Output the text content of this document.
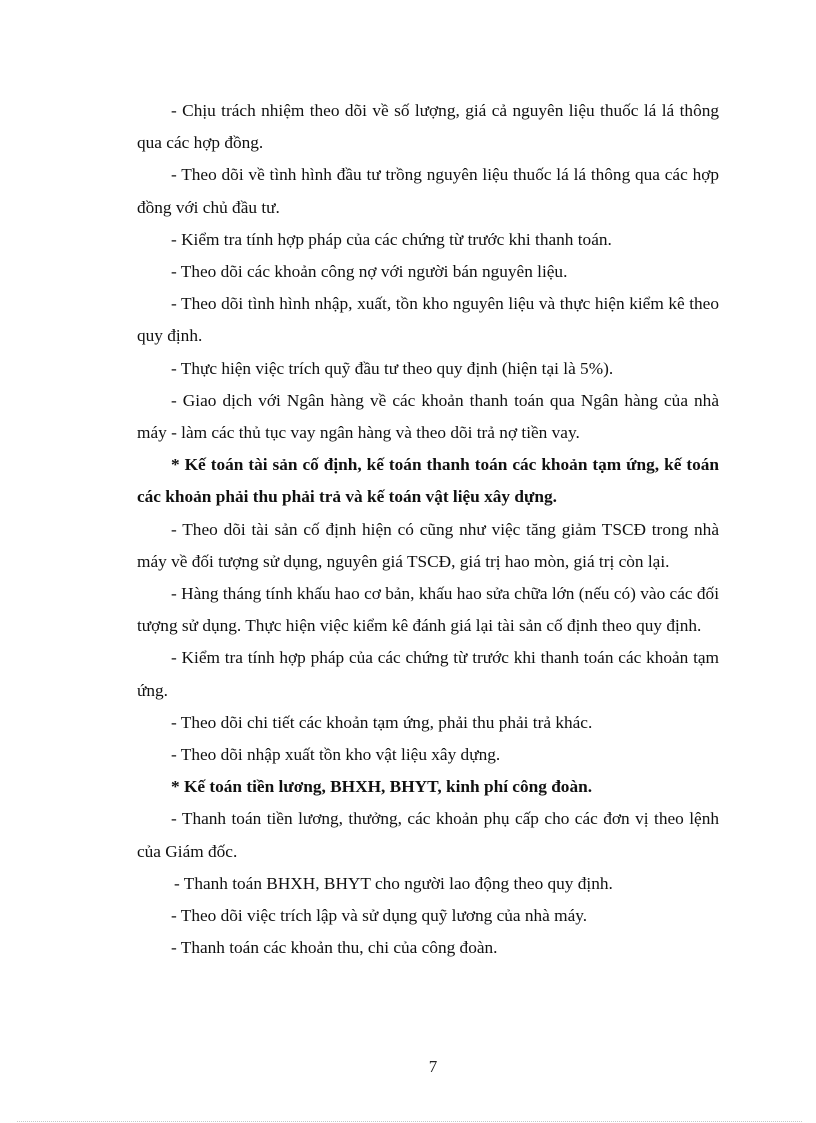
- Chịu trách nhiệm theo dõi về số lượng, giá cả nguyên liệu thuốc lá lá thông qua các hợp đồng.

- Theo dõi về tình hình đầu tư trồng nguyên liệu thuốc lá lá thông qua các hợp đồng với chủ đầu tư.

- Kiểm tra tính hợp pháp của các chứng từ trước khi thanh toán.

- Theo dõi các khoản công nợ với người bán nguyên liệu.

- Theo dõi tình hình nhập, xuất, tồn kho nguyên liệu và thực hiện kiểm kê theo quy định.

- Thực hiện việc trích quỹ đầu tư theo quy định (hiện tại là 5%).

- Giao dịch với Ngân hàng về các khoản thanh toán qua Ngân hàng của nhà máy - làm các thủ tục vay ngân hàng và theo dõi trả nợ tiền vay.

* Kế toán tài sản cố định, kế toán thanh toán các khoản tạm ứng, kế toán các khoản phải thu phải trả và kế toán vật liệu xây dựng.

- Theo dõi tài sản cố định hiện có cũng như việc tăng giảm TSCĐ trong nhà máy về đối tượng sử dụng, nguyên giá TSCĐ, giá trị hao mòn, giá trị còn lại.

- Hàng tháng tính khấu hao cơ bản, khấu hao sửa chữa lớn (nếu có) vào các đối tượng sử dụng. Thực hiện việc kiểm kê đánh giá lại tài sản cố định theo quy định.

- Kiểm tra tính hợp pháp của các chứng từ trước khi thanh toán các khoản tạm ứng.

- Theo dõi chi tiết các khoản tạm ứng, phải thu phải trả khác.

- Theo dõi nhập xuất tồn kho vật liệu xây dựng.

* Kế toán tiền lương, BHXH, BHYT, kinh phí công đoàn.

- Thanh toán tiền lương, thưởng, các khoản phụ cấp cho các đơn vị theo lệnh của Giám đốc.

- Thanh toán BHXH, BHYT cho người lao động theo quy định.

- Theo dõi việc trích lập và sử dụng quỹ lương của nhà máy.

- Thanh toán các khoản thu, chi của công đoàn.

7
